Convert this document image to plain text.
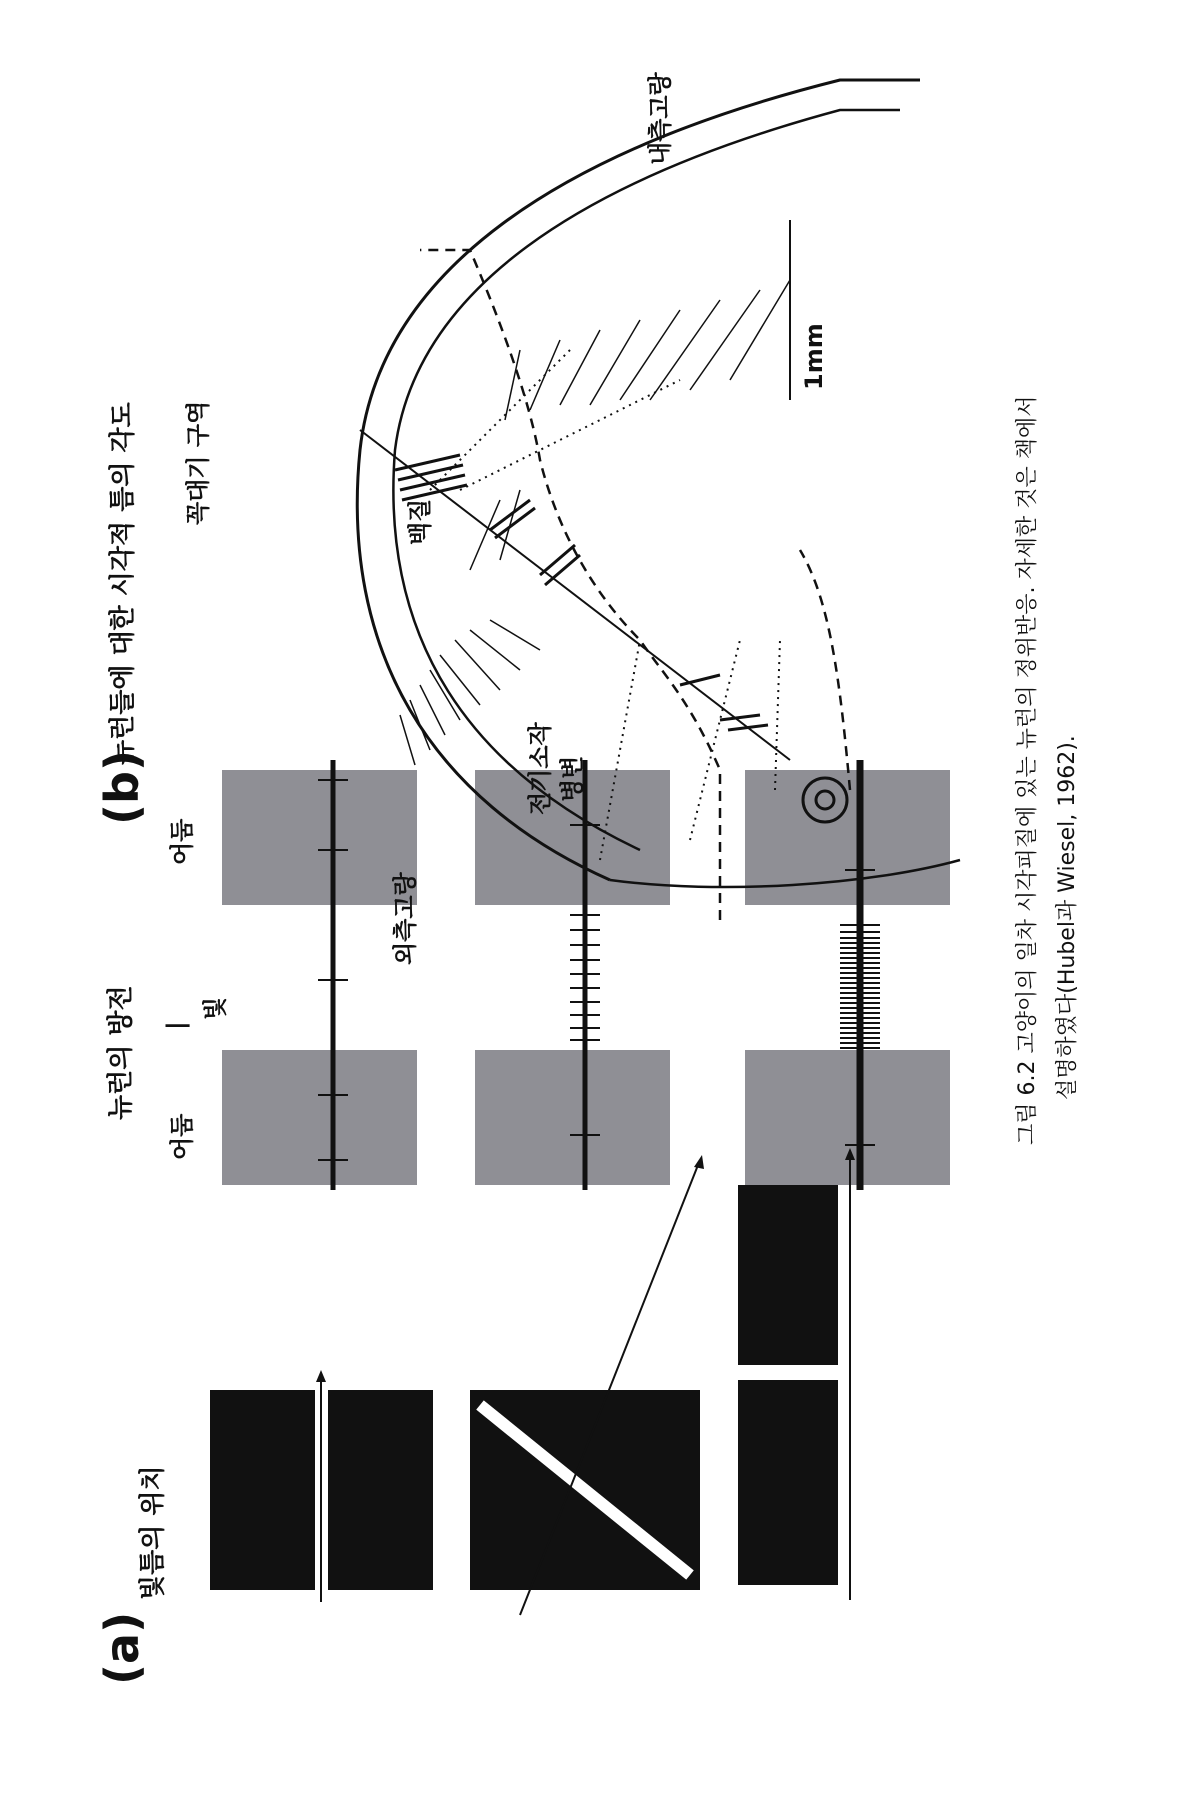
(a)
빛틈의 위치
뉴런의 방전
어둠
어둠
빛
|
(b)
뉴런들에 대한 시각적 틈의 각도 꼭대기 구역	백질
전기소작 병변
외측고랑
내측고랑
1mm
그림 6.2 고양이의 일차 시각피질에 있는 뉴런의 정위반응. 자세한 것은 책에서 설명하였다(Hubel과 Wiesel, 1962).
